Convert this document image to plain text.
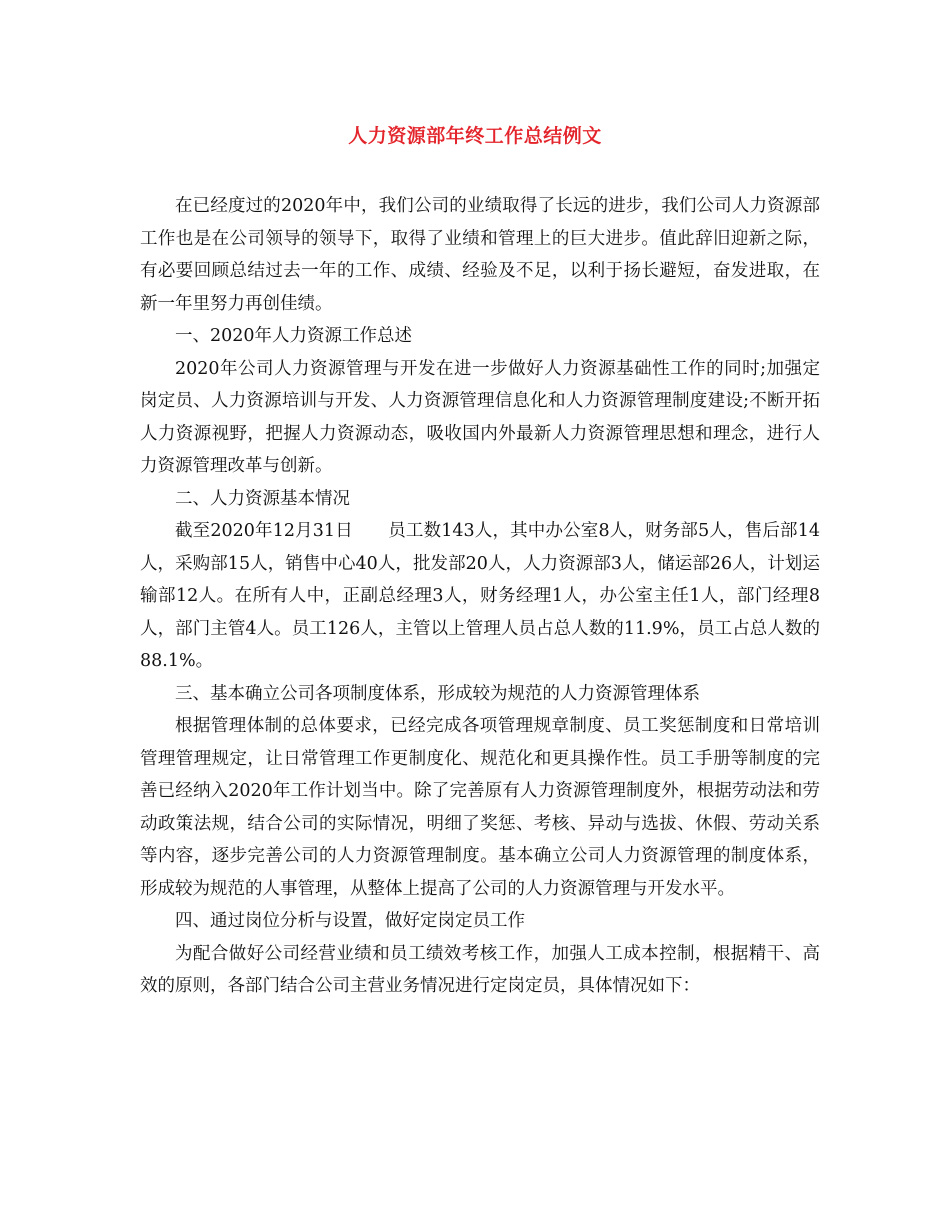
人力资源部年终工作总结例文

在已经度过的2020年中，我们公司的业绩取得了长远的进步，我们公司人力资源部工作也是在公司领导的领导下，取得了业绩和管理上的巨大进步。值此辞旧迎新之际，有必要回顾总结过去一年的工作、成绩、经验及不足，以利于扬长避短，奋发进取，在新一年里努力再创佳绩。

一、2020年人力资源工作总述

2020年公司人力资源管理与开发在进一步做好人力资源基础性工作的同时;加强定岗定员、人力资源培训与开发、人力资源管理信息化和人力资源管理制度建设;不断开拓人力资源视野，把握人力资源动态，吸收国内外最新人力资源管理思想和理念，进行人力资源管理改革与创新。

二、人力资源基本情况

截至2020年12月31日　　员工数143人，其中办公室8人，财务部5人，售后部14人，采购部15人，销售中心40人，批发部20人，人力资源部3人，储运部26人，计划运输部12人。在所有人中，正副总经理3人，财务经理1人，办公室主任1人，部门经理8人，部门主管4人。员工126人，主管以上管理人员占总人数的11.9%，员工占总人数的88.1%。

三、基本确立公司各项制度体系，形成较为规范的人力资源管理体系

根据管理体制的总体要求，已经完成各项管理规章制度、员工奖惩制度和日常培训管理管理规定，让日常管理工作更制度化、规范化和更具操作性。员工手册等制度的完善已经纳入2020年工作计划当中。除了完善原有人力资源管理制度外，根据劳动法和劳动政策法规，结合公司的实际情况，明细了奖惩、考核、异动与选拔、休假、劳动关系等内容，逐步完善公司的人力资源管理制度。基本确立公司人力资源管理的制度体系，形成较为规范的人事管理，从整体上提高了公司的人力资源管理与开发水平。

四、通过岗位分析与设置，做好定岗定员工作

为配合做好公司经营业绩和员工绩效考核工作，加强人工成本控制，根据精干、高效的原则，各部门结合公司主营业务情况进行定岗定员，具体情况如下：
